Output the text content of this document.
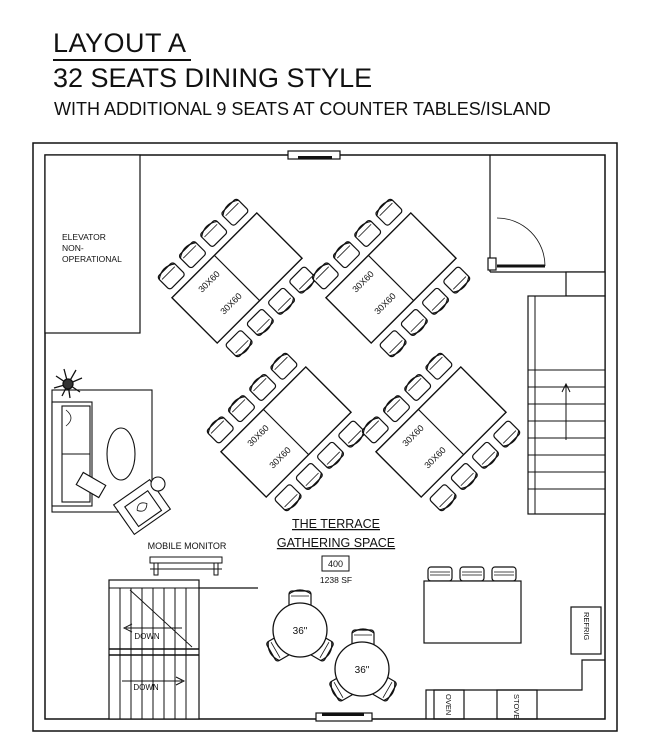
LAYOUT A
32 SEATS DINING STYLE
WITH ADDITIONAL 9 SEATS AT COUNTER TABLES/ISLAND
ELEVATOR
NON-
OPERATIONAL
30X60
30X60
30X60
30X60
30X60
30X60
30X60
30X60
THE TERRACE
GATHERING SPACE
400
1238 SF
MOBILE MONITOR
DOWN
DOWN
36"
36"
OVEN	STOVE
REFRIG
